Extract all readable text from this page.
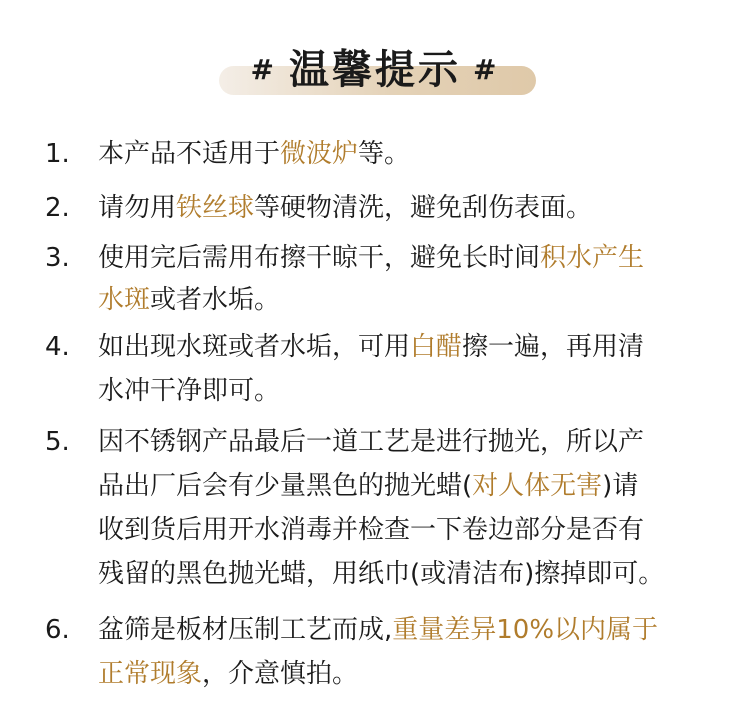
# 温馨提示 #
1.	本产品不适用于微波炉等。
2.	请勿用铁丝球等硬物清洗，避免刮伤表面。
3.	使用完后需用布擦干晾干，避免长时间积水产生
水斑或者水垢。
4.	如出现水斑或者水垢，可用白醋擦一遍，再用清
水冲干净即可。
5.	因不锈钢产品最后一道工艺是进行抛光，所以产
品出厂后会有少量黑色的抛光蜡(对人体无害)请
收到货后用开水消毒并检查一下卷边部分是否有
残留的黑色抛光蜡，用纸巾(或清洁布)擦掉即可。
6.	盆筛是板材压制工艺而成,重量差异10%以内属于
正常现象，介意慎拍。
